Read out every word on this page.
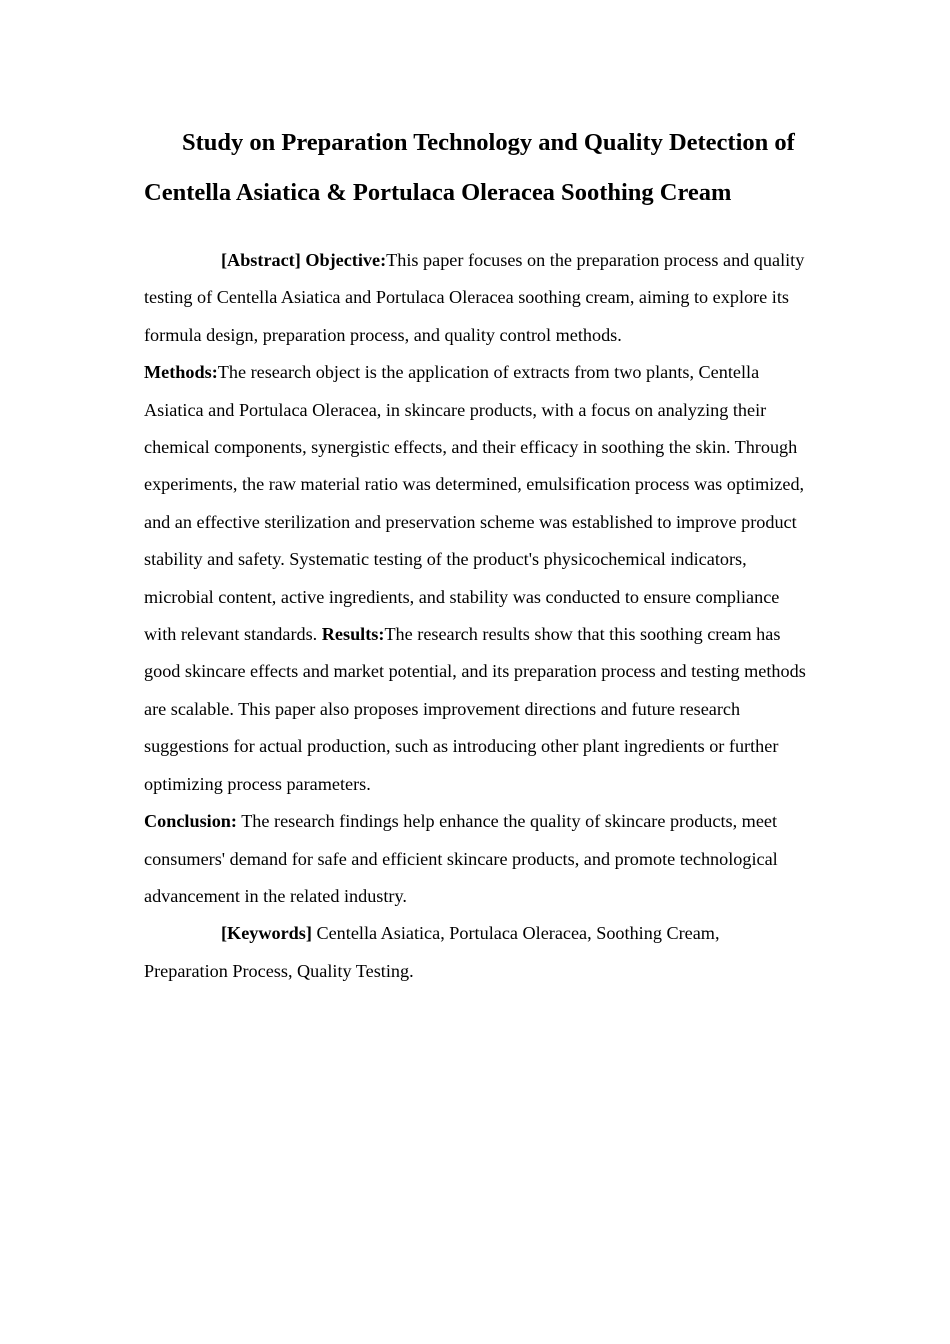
Study on Preparation Technology and Quality Detection of Centella Asiatica & Portulaca Oleracea Soothing Cream

[Abstract] Objective:This paper focuses on the preparation process and quality testing of Centella Asiatica and Portulaca Oleracea soothing cream, aiming to explore its formula design, preparation process, and quality control methods.
Methods:The research object is the application of extracts from two plants, Centella Asiatica and Portulaca Oleracea, in skincare products, with a focus on analyzing their chemical components, synergistic effects, and their efficacy in soothing the skin. Through experiments, the raw material ratio was determined, emulsification process was optimized, and an effective sterilization and preservation scheme was established to improve product stability and safety. Systematic testing of the product's physicochemical indicators, microbial content, active ingredients, and stability was conducted to ensure compliance with relevant standards. Results:The research results show that this soothing cream has good skincare effects and market potential, and its preparation process and testing methods are scalable. This paper also proposes improvement directions and future research suggestions for actual production, such as introducing other plant ingredients or further optimizing process parameters.
Conclusion: The research findings help enhance the quality of skincare products, meet consumers' demand for safe and efficient skincare products, and promote technological advancement in the related industry.

[Keywords] Centella Asiatica, Portulaca Oleracea, Soothing Cream, Preparation Process, Quality Testing.
